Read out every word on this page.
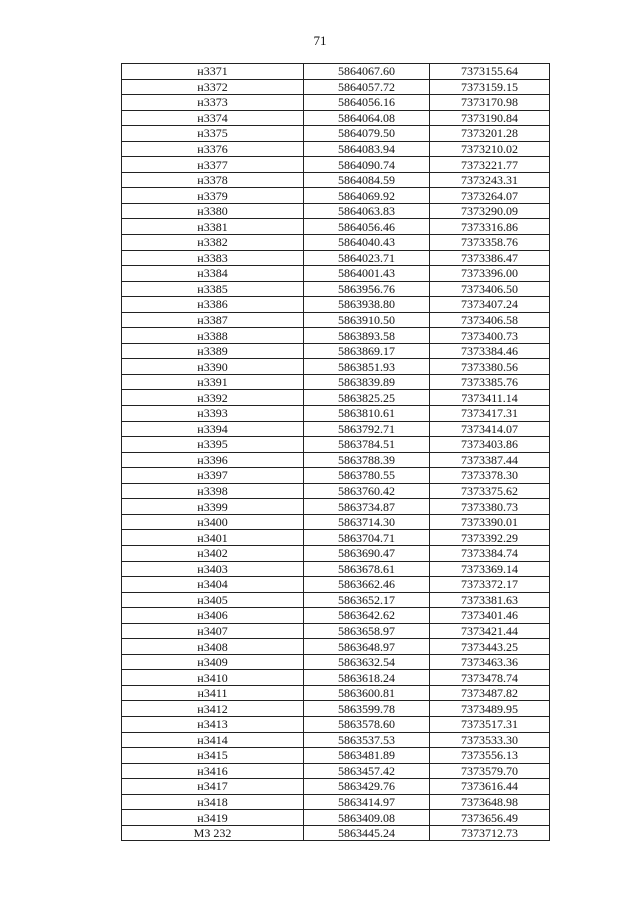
71
н3371	5864067.60	7373155.64
н3372	5864057.72	7373159.15
н3373	5864056.16	7373170.98
н3374	5864064.08	7373190.84
н3375	5864079.50	7373201.28
н3376	5864083.94	7373210.02
н3377	5864090.74	7373221.77
н3378	5864084.59	7373243.31
н3379	5864069.92	7373264.07
н3380	5864063.83	7373290.09
н3381	5864056.46	7373316.86
н3382	5864040.43	7373358.76
н3383	5864023.71	7373386.47
н3384	5864001.43	7373396.00
н3385	5863956.76	7373406.50
н3386	5863938.80	7373407.24
н3387	5863910.50	7373406.58
н3388	5863893.58	7373400.73
н3389	5863869.17	7373384.46
н3390	5863851.93	7373380.56
н3391	5863839.89	7373385.76
н3392	5863825.25	7373411.14
н3393	5863810.61	7373417.31
н3394	5863792.71	7373414.07
н3395	5863784.51	7373403.86
н3396	5863788.39	7373387.44
н3397	5863780.55	7373378.30
н3398	5863760.42	7373375.62
н3399	5863734.87	7373380.73
н3400	5863714.30	7373390.01
н3401	5863704.71	7373392.29
н3402	5863690.47	7373384.74
н3403	5863678.61	7373369.14
н3404	5863662.46	7373372.17
н3405	5863652.17	7373381.63
н3406	5863642.62	7373401.46
н3407	5863658.97	7373421.44
н3408	5863648.97	7373443.25
н3409	5863632.54	7373463.36
н3410	5863618.24	7373478.74
н3411	5863600.81	7373487.82
н3412	5863599.78	7373489.95
н3413	5863578.60	7373517.31
н3414	5863537.53	7373533.30
н3415	5863481.89	7373556.13
н3416	5863457.42	7373579.70
н3417	5863429.76	7373616.44
н3418	5863414.97	7373648.98
н3419	5863409.08	7373656.49
МЗ 232	5863445.24	7373712.73
